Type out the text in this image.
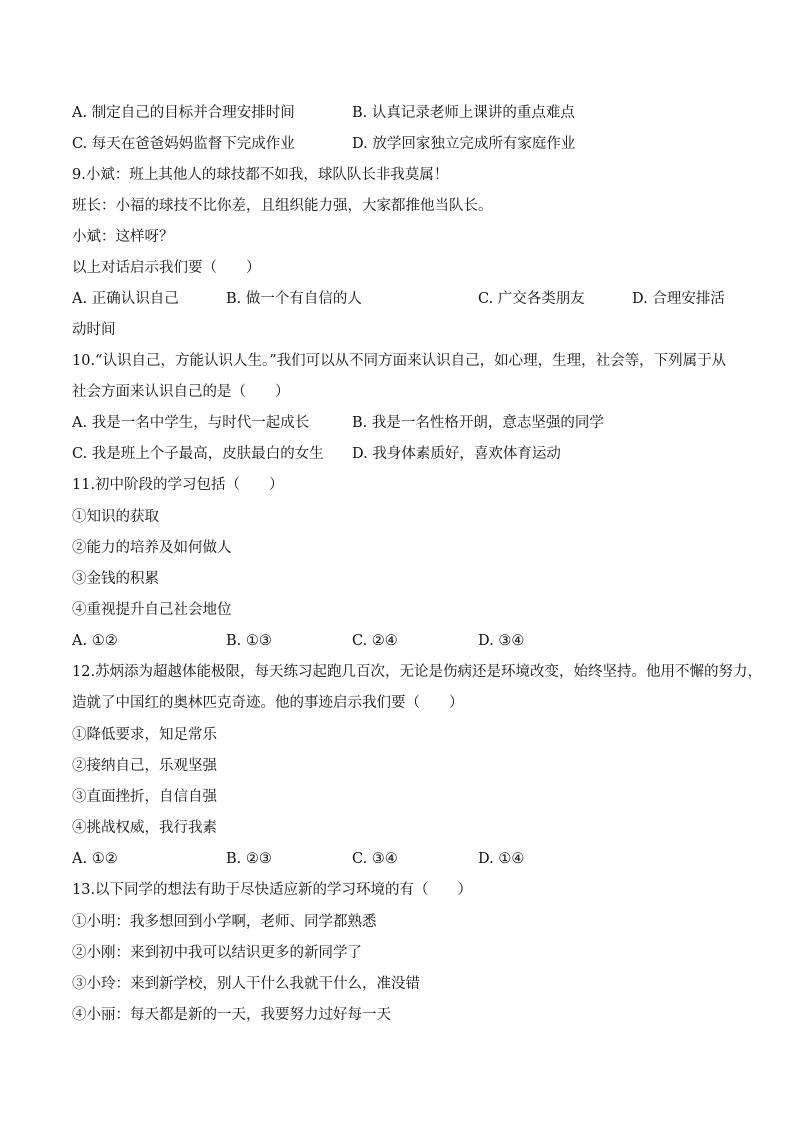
A. 制定自己的目标并合理安排时间	B. 认真记录老师上课讲的重点难点
C. 每天在爸爸妈妈监督下完成作业	D. 放学回家独立完成所有家庭作业
9.小斌：班上其他人的球技都不如我，球队队长非我莫属！
班长：小福的球技不比你差，且组织能力强，大家都推他当队长。
小斌：这样呀？
以上对话启示我们要（　　）
A. 正确认识自己	B. 做一个有自信的人	C. 广交各类朋友	D. 合理安排活
动时间
10.“认识自己，方能认识人生。”我们可以从不同方面来认识自己，如心理，生理，社会等，下列属于从
社会方面来认识自己的是（　　）
A. 我是一名中学生，与时代一起成长	B. 我是一名性格开朗，意志坚强的同学
C. 我是班上个子最高，皮肤最白的女生 D. 我身体素质好，喜欢体育运动
11.初中阶段的学习包括（　　）
①知识的获取
②能力的培养及如何做人
③金钱的积累
④重视提升自己社会地位
A. ①②	B. ①③	C. ②④	D. ③④
12.苏炳添为超越体能极限，每天练习起跑几百次，无论是伤病还是环境改变，始终坚持。他用不懈的努力，
造就了中国红的奥林匹克奇迹。他的事迹启示我们要（　　）
①降低要求，知足常乐
②接纳自己，乐观坚强
③直面挫折，自信自强
④挑战权威，我行我素
A. ①②	B. ②③	C. ③④	D. ①④
13.以下同学的想法有助于尽快适应新的学习环境的有（　　）
①小明：我多想回到小学啊，老师、同学都熟悉
②小刚：来到初中我可以结识更多的新同学了
③小玲：来到新学校，别人干什么我就干什么，准没错
④小丽：每天都是新的一天，我要努力过好每一天
